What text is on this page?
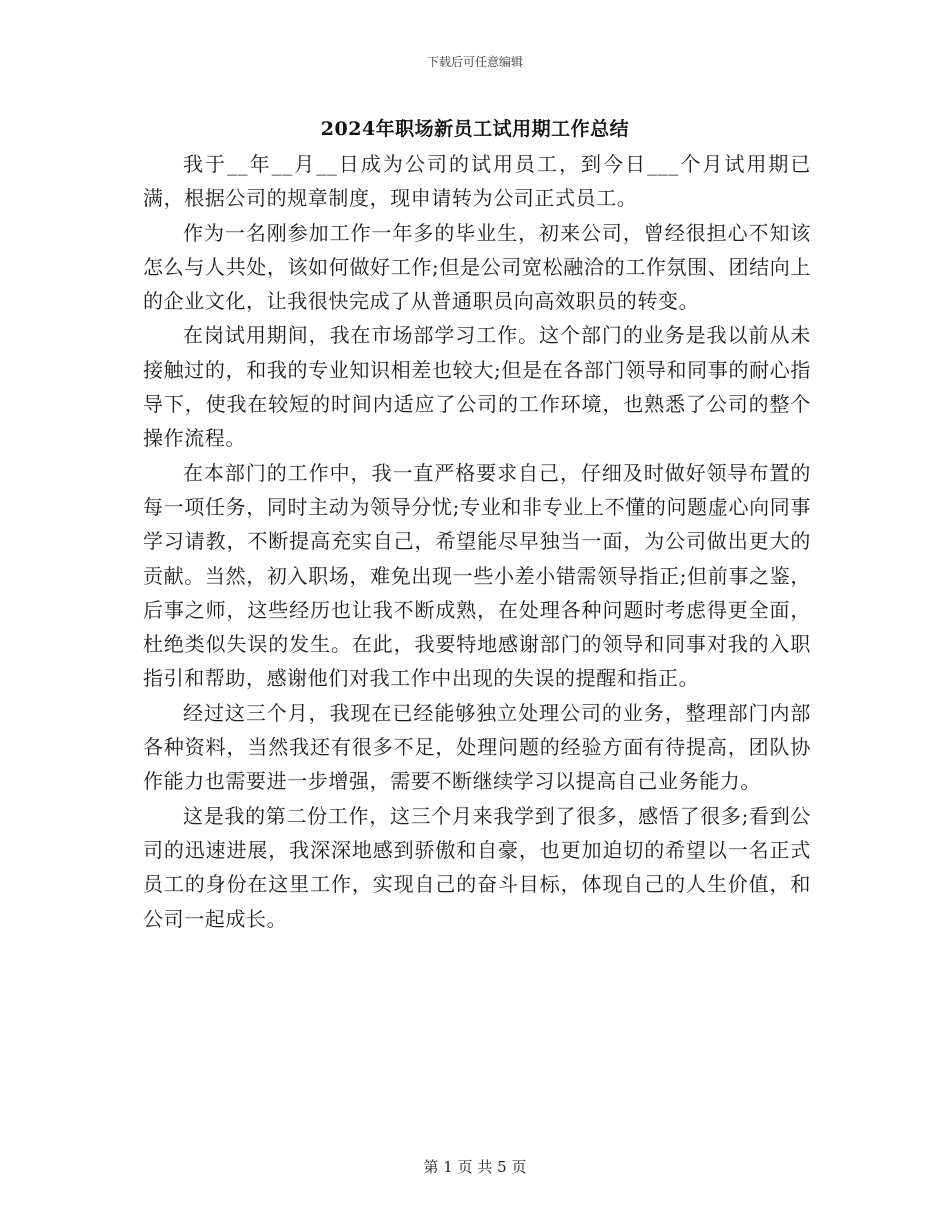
下载后可任意编辑
2024年职场新员工试用期工作总结

我于__年__月__日成为公司的试用员工，到今日___个月试用期已满，根据公司的规章制度，现申请转为公司正式员工。

作为一名刚参加工作一年多的毕业生，初来公司，曾经很担心不知该怎么与人共处，该如何做好工作;但是公司宽松融洽的工作氛围、团结向上的企业文化，让我很快完成了从普通职员向高效职员的转变。

在岗试用期间，我在市场部学习工作。这个部门的业务是我以前从未接触过的，和我的专业知识相差也较大;但是在各部门领导和同事的耐心指导下，使我在较短的时间内适应了公司的工作环境，也熟悉了公司的整个操作流程。

在本部门的工作中，我一直严格要求自己，仔细及时做好领导布置的每一项任务，同时主动为领导分忧;专业和非专业上不懂的问题虚心向同事学习请教，不断提高充实自己，希望能尽早独当一面，为公司做出更大的贡献。当然，初入职场，难免出现一些小差小错需领导指正;但前事之鉴，后事之师，这些经历也让我不断成熟，在处理各种问题时考虑得更全面，杜绝类似失误的发生。在此，我要特地感谢部门的领导和同事对我的入职指引和帮助，感谢他们对我工作中出现的失误的提醒和指正。

经过这三个月，我现在已经能够独立处理公司的业务，整理部门内部各种资料，当然我还有很多不足，处理问题的经验方面有待提高，团队协作能力也需要进一步增强，需要不断继续学习以提高自己业务能力。

这是我的第二份工作，这三个月来我学到了很多，感悟了很多;看到公司的迅速进展，我深深地感到骄傲和自豪，也更加迫切的希望以一名正式员工的身份在这里工作，实现自己的奋斗目标，体现自己的人生价值，和公司一起成长。

第 1 页 共 5 页
